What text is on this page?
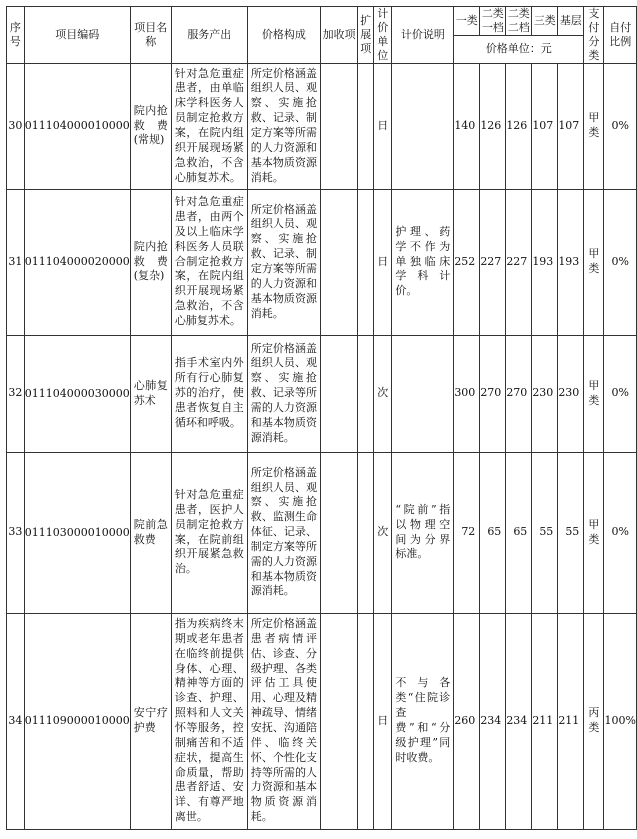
序号	项目编码	项目名称	服务产出	价格构成	加收项	扩展项	计价单位	计价说明	一类	二类一档	二类二档	三类	基层	支付分类	自付比例
									价格单位：元						
30	011104000010000	院内抢救费(常规)	针对急危重症患者，由单临床学科医务人员制定抢救方案，在院内组织开展现场紧急救治，不含心肺复苏术。	所定价格涵盖组织人员、观察、实施抢救、记录、制定方案等所需的人力资源和基本物质资源消耗。			日		140	126	126	107	107	甲类	0%
31	011104000020000	院内抢救费(复杂)	针对急危重症患者，由两个及以上临床学科医务人员联合制定抢救方案，在院内组织开展现场紧急救治，不含心肺复苏术。	所定价格涵盖组织人员、观察、实施抢救、记录、制定方案等所需的人力资源和基本物质资源消耗。			日	护理、药学不作为单独临床学科计价。	252	227	227	193	193	甲类	0%
32	011104000030000	心肺复苏术	指手术室内外所有行心肺复苏的治疗，使患者恢复自主循环和呼吸。	所定价格涵盖组织人员、观察、实施抢救、记录等所需的人力资源和基本物质资源消耗。			次		300	270	270	230	230	甲类	0%
33	011103000010000	院前急救费	针对急危重症患者，医护人员制定抢救方案，在院前组织开展紧急救治。	所定价格涵盖组织人员、观察、实施抢救、监测生命体征、记录、制定方案等所需的人力资源和基本物质资源消耗。			次	“院前”指以物理空间为分界标准。	72	65	65	55	55	甲类	0%
34	011109000010000	安宁疗护费	指为疾病终末期或老年患者在临终前提供身体、心理、精神等方面的诊查、护理、照料和人文关怀等服务，控制痛苦和不适症状，提高生命质量，帮助患者舒适、安详、有尊严地离世。	所定价格涵盖患者病情评估、诊查、分级护理、各类评估工具使用、心理及精神疏导、情绪安抚、沟通陪伴、临终关怀、个性化支持等所需的人力资源和基本物质资源消耗。			日	不与各类“住院诊查费”和“分级护理”同时收费。	260	234	234	211	211	丙类	100%
